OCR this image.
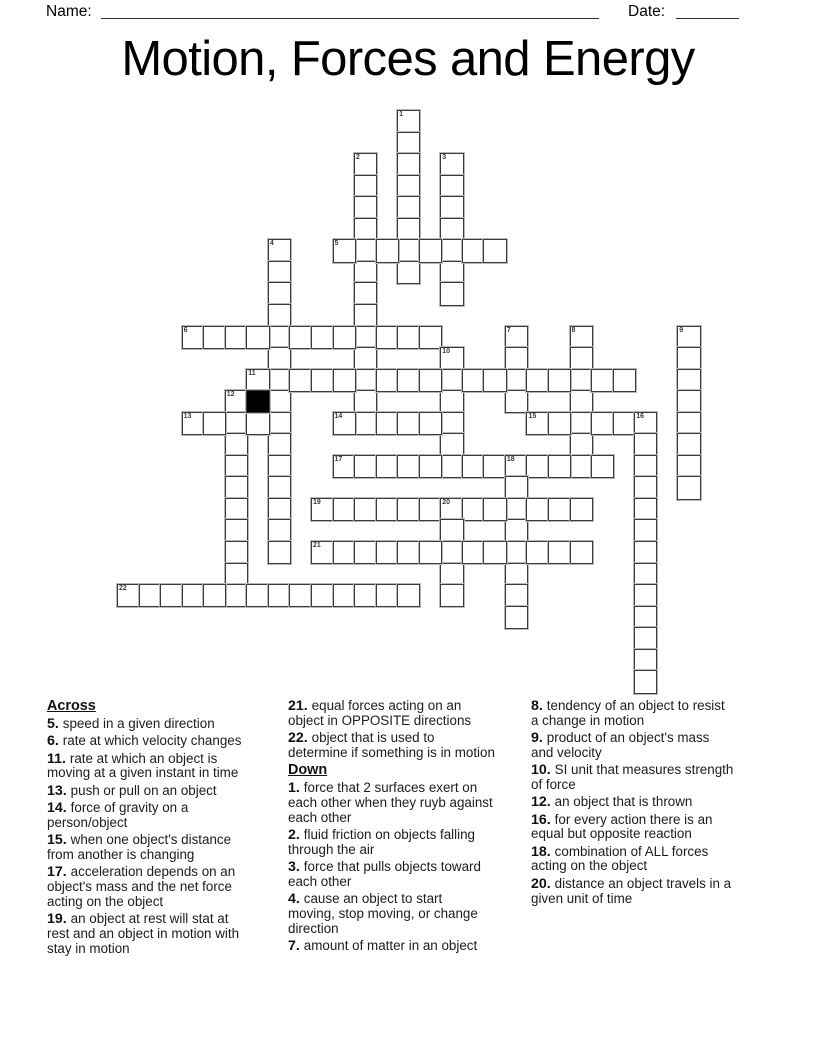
Name:	Date:
Motion, Forces and Energy
1
2	3
4	5
6	7	8	9
10
11
12
13	14	15	16
17	18
19	20
21
22
Across
5. speed in a given direction
6. rate at which velocity changes
11. rate at which an object is
moving at a given instant in time
13. push or pull on an object
14. force of gravity on a
person/object
15. when one object's distance
from another is changing
17. acceleration depends on an
object's mass and the net force
acting on the object
19. an object at rest will stat at
rest and an object in motion with
stay in motion
21. equal forces acting on an
object in OPPOSITE directions
22. object that is used to
determine if something is in motion
Down
1. force that 2 surfaces exert on
each other when they ruyb against
each other
2. fluid friction on objects falling
through the air
3. force that pulls objects toward
each other
4. cause an object to start
moving, stop moving, or change
direction
7. amount of matter in an object
8. tendency of an object to resist
a change in motion
9. product of an object's mass
and velocity
10. SI unit that measures strength
of force
12. an object that is thrown
16. for every action there is an
equal but opposite reaction
18. combination of ALL forces
acting on the object
20. distance an object travels in a
given unit of time
